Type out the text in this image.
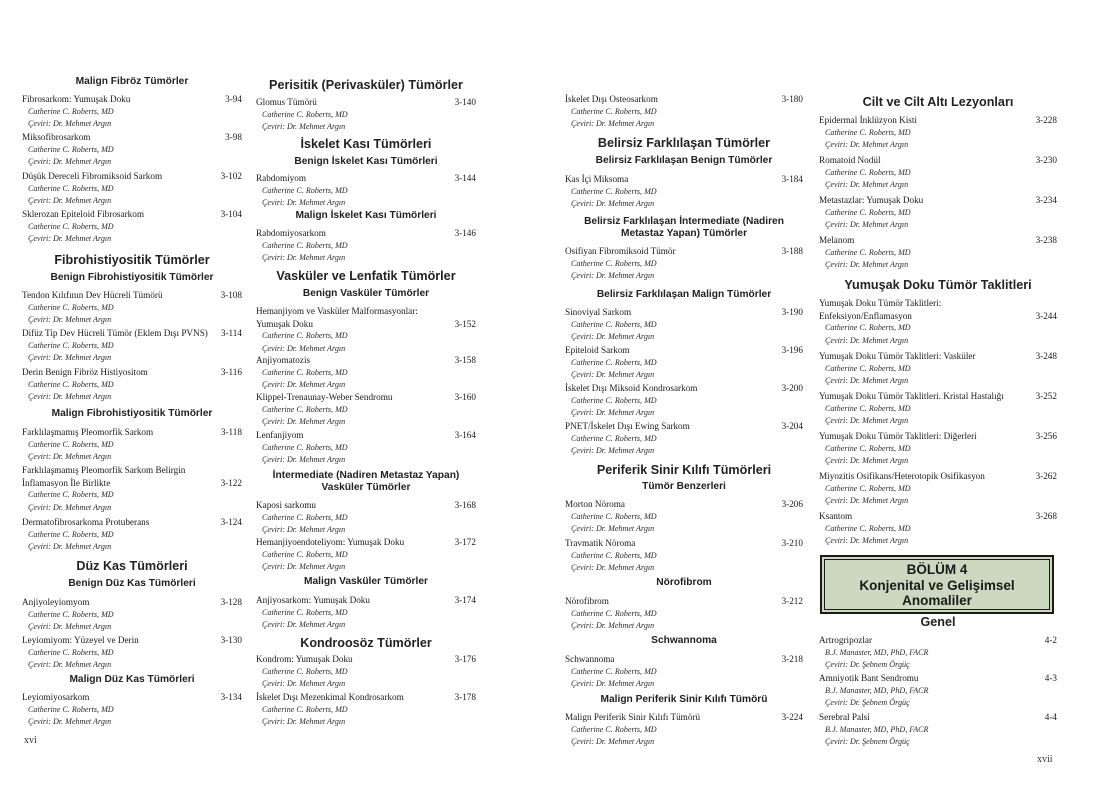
Malign Fibröz Tümörler
Fibrosarkom: Yumuşak Doku	3-94
Catherine C. Roberts, MD
Çeviri: Dr. Mehmet Argın
Miksofibrosarkom	3-98
Catherine C. Roberts, MD
Çeviri: Dr. Mehmet Argın
Düşük Dereceli Fibromiksoid Sarkom	3-102
Catherine C. Roberts, MD
Çeviri: Dr. Mehmet Argın
Sklerozan Epiteloid Fibrosarkom	3-104
Catherine C. Roberts, MD
Çeviri: Dr. Mehmet Argın
Fibrohistiyositik Tümörler
Benign Fibrohistiyositik Tümörler
Tendon Kılıfının Dev Hücreli Tümörü	3-108
Catherine C. Roberts, MD
Çeviri: Dr. Mehmet Argın
Difüz Tip Dev Hücreli Tümör (Eklem Dışı PVNS)	3-114
Catherine C. Roberts, MD
Çeviri: Dr. Mehmet Argın
Derin Benign Fibröz Histiyositom	3-116
Catherine C. Roberts, MD
Çeviri: Dr. Mehmet Argın
Malign Fibrohistiyositik Tümörler
Farklılaşmamış Pleomorfik Sarkom	3-118
Catherine C. Roberts, MD
Çeviri: Dr. Mehmet Argın
Farklılaşmamış Pleomorfik Sarkom Belirgin İnflamasyon İle Birlikte	3-122
Catherine C. Roberts, MD
Çeviri: Dr. Mehmet Argın
Dermatofibrosarkoma Protuberans	3-124
Catherine C. Roberts, MD
Çeviri: Dr. Mehmet Argın
Düz Kas Tümörleri
Benign Düz Kas Tümörleri
Anjiyoleyiomyom	3-128
Catherine C. Roberts, MD
Çeviri: Dr. Mehmet Argın
Leyiomiyom: Yüzeyel ve Derin	3-130
Catherine C. Roberts, MD
Çeviri: Dr. Mehmet Argın
Malign Düz Kas Tümörleri
Leyiomiyosarkom	3-134
Catherine C. Roberts, MD
Çeviri: Dr. Mehmet Argın
Perisitik (Perivasküler) Tümörler
Glomus Tümörü	3-140
Catherine C. Roberts, MD
Çeviri: Dr. Mehmet Argın
İskelet Kası Tümörleri
Benign İskelet Kası Tümörleri
Rabdomiyom	3-144
Catherine C. Roberts, MD
Çeviri: Dr. Mehmet Argın
Malign İskelet Kası Tümörleri
Rabdomiyosarkom	3-146
Catherine C. Roberts, MD
Çeviri: Dr. Mehmet Argın
Vasküler ve Lenfatik Tümörler
Benign Vasküler Tümörler
Hemanjiyom ve Vasküler Malformasyonlar: Yumuşak Doku	3-152
Catherine C. Roberts, MD
Çeviri: Dr. Mehmet Argın
Anjiyomatozis	3-158
Catherine C. Roberts, MD
Çeviri: Dr. Mehmet Argın
Klippel-Trenaunay-Weber Sendromu	3-160
Catherine C. Roberts, MD
Çeviri: Dr. Mehmet Argın
Lenfanjiyom	3-164
Catherine C. Roberts, MD
Çeviri: Dr. Mehmet Argın
İntermediate (Nadiren Metastaz Yapan) Vasküler Tümörler
Kaposi sarkomu	3-168
Catherine C. Roberts, MD
Çeviri: Dr. Mehmet Argın
Hemanjiyoendoteliyom: Yumuşak Doku	3-172
Catherine C. Roberts, MD
Çeviri: Dr. Mehmet Argın
Malign Vasküler Tümörler
Anjiyosarkom: Yumuşak Doku	3-174
Catherine C. Roberts, MD
Çeviri: Dr. Mehmet Argın
Kondroosöz Tümörler
Kondrom: Yumuşak Doku	3-176
Catherine C. Roberts, MD
Çeviri: Dr. Mehmet Argın
İskelet Dışı Mezenkimal Kondrosarkom	3-178
Catherine C. Roberts, MD
Çeviri: Dr. Mehmet Argın
İskelet Dışı Osteosarkom	3-180
Catherine C. Roberts, MD
Çeviri: Dr. Mehmet Argın
Belirsiz Farklılaşan Tümörler
Belirsiz Farklılaşan Benign Tümörler
Kas İçi Miksoma	3-184
Catherine C. Roberts, MD
Çeviri: Dr. Mehmet Argın
Belirsiz Farklılaşan İntermediate (Nadiren Metastaz Yapan) Tümörler
Osifiyan Fibromiksoid Tümör	3-188
Catherine C. Roberts, MD
Çeviri: Dr. Mehmet Argın
Belirsiz Farklılaşan Malign Tümörler
Sinoviyal Sarkom	3-190
Catherine C. Roberts, MD
Çeviri: Dr. Mehmet Argın
Epiteloid Sarkom	3-196
Catherine C. Roberts, MD
Çeviri: Dr. Mehmet Argın
İskelet Dışı Miksoid Kondrosarkom	3-200
Catherine C. Roberts, MD
Çeviri: Dr. Mehmet Argın
PNET/İskelet Dışı Ewing Sarkom	3-204
Catherine C. Roberts, MD
Çeviri: Dr. Mehmet Argın
Periferik Sinir Kılıfı Tümörleri
Tümör Benzerleri
Morton Nöroma	3-206
Catherine C. Roberts, MD
Çeviri: Dr. Mehmet Argın
Travmatik Nöroma	3-210
Catherine C. Roberts, MD
Çeviri: Dr. Mehmet Argın
Nörofibrom
Nörofibrom	3-212
Catherine C. Roberts, MD
Çeviri: Dr. Mehmet Argın
Schwannoma
Schwannoma	3-218
Catherine C. Roberts, MD
Çeviri: Dr. Mehmet Argın
Malign Periferik Sinir Kılıfı Tümörü
Malign Periferik Sinir Kılıfı Tümörü	3-224
Catherine C. Roberts, MD
Çeviri: Dr. Mehmet Argın
Cilt ve Cilt Altı Lezyonları
Epidermal İnklüzyon Kisti	3-228
Catherine C. Roberts, MD
Çeviri: Dr. Mehmet Argın
Romatoid Nodül	3-230
Catherine C. Roberts, MD
Çeviri: Dr. Mehmet Argın
Metastazlar: Yumuşak Doku	3-234
Catherine C. Roberts, MD
Çeviri: Dr. Mehmet Argın
Melanom	3-238
Catherine C. Roberts, MD
Çeviri: Dr. Mehmet Argın
Yumuşak Doku Tümör Taklitleri
Yumuşak Doku Tümör Taklitleri: Enfeksiyon/Enflamasyon	3-244
Catherine C. Roberts, MD
Çeviri: Dr. Mehmet Argın
Yumuşak Doku Tümör Taklitleri: Vasküler	3-248
Catherine C. Roberts, MD
Çeviri: Dr. Mehmet Argın
Yumuşak Doku Tümör Taklitleri. Kristal Hastalığı	3-252
Catherine C. Roberts, MD
Çeviri: Dr. Mehmet Argın
Yumuşak Doku Tümör Taklitleri: Diğerleri	3-256
Catherine C. Roberts, MD
Çeviri: Dr. Mehmet Argın
Miyozitis Osifikans/Heterotopik Osifikasyon	3-262
Catherine C. Roberts, MD
Çeviri: Dr. Mehmet Argın
Ksantom	3-268
Catherine C. Roberts, MD
Çeviri: Dr. Mehmet Argın
Genel
Artrogripozlar	4-2
B.J. Manaster, MD, PhD, FACR
Çeviri: Dr. Şebnem Örgüç
Amniyotik Bant Sendromu	4-3
B.J. Manaster, MD, PhD, FACR
Çeviri: Dr. Şebnem Örgüç
Serebral Palsi	4-4
B.J. Manaster, MD, PhD, FACR
Çeviri: Dr. Şebnem Örgüç
BÖLÜM 4
Konjenital ve Gelişimsel
Anomaliler
xvi
xvii
